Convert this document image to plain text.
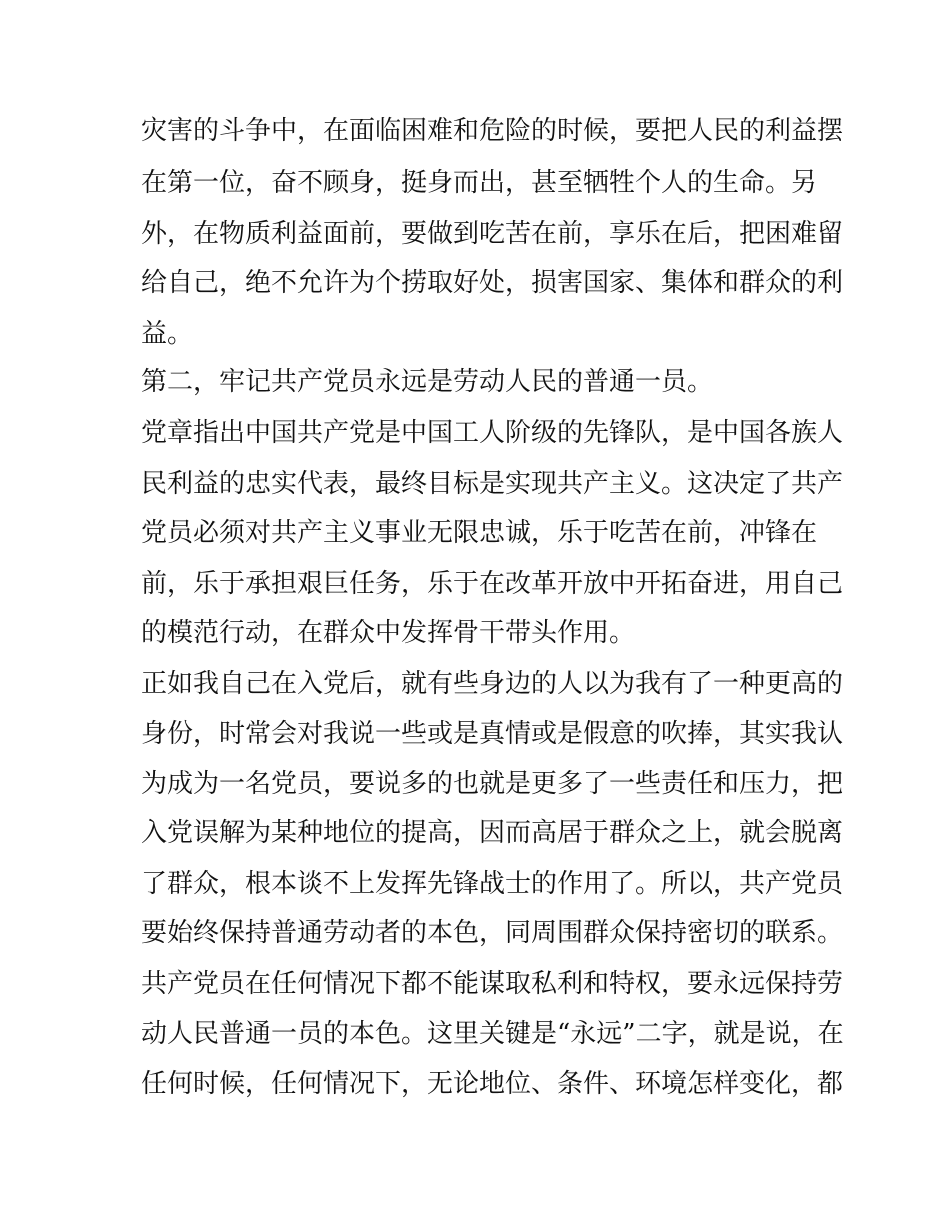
灾害的斗争中，在面临困难和危险的时候，要把人民的利益摆
在第一位，奋不顾身，挺身而出，甚至牺牲个人的生命。另
外，在物质利益面前，要做到吃苦在前，享乐在后，把困难留
给自己，绝不允许为个捞取好处，损害国家、集体和群众的利
益。
第二，牢记共产党员永远是劳动人民的普通一员。
党章指出中国共产党是中国工人阶级的先锋队，是中国各族人
民利益的忠实代表，最终目标是实现共产主义。这决定了共产
党员必须对共产主义事业无限忠诚，乐于吃苦在前，冲锋在
前，乐于承担艰巨任务，乐于在改革开放中开拓奋进，用自己
的模范行动，在群众中发挥骨干带头作用。
正如我自己在入党后，就有些身边的人以为我有了一种更高的
身份，时常会对我说一些或是真情或是假意的吹捧，其实我认
为成为一名党员，要说多的也就是更多了一些责任和压力，把
入党误解为某种地位的提高，因而高居于群众之上，就会脱离
了群众，根本谈不上发挥先锋战士的作用了。所以，共产党员
要始终保持普通劳动者的本色，同周围群众保持密切的联系。
共产党员在任何情况下都不能谋取私利和特权，要永远保持劳
动人民普通一员的本色。这里关键是“永远”二字，就是说，在
任何时候，任何情况下，无论地位、条件、环境怎样变化，都
